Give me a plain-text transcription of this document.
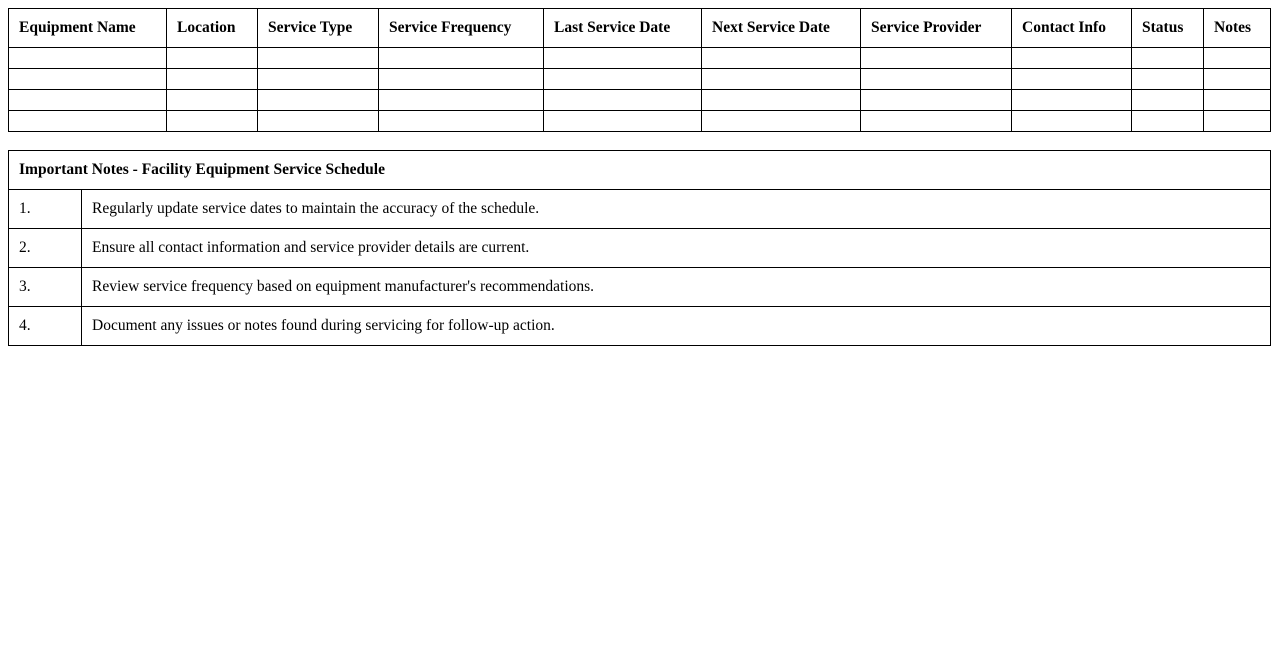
Equipment Name	Location	Service Type	Service Frequency	Last Service Date	Next Service Date	Service Provider	Contact Info	Status	Notes

Important Notes - Facility Equipment Service Schedule	
1.	Regularly update service dates to maintain the accuracy of the schedule.
2.	Ensure all contact information and service provider details are current.
3.	Review service frequency based on equipment manufacturer's recommendations.
4.	Document any issues or notes found during servicing for follow-up action.
